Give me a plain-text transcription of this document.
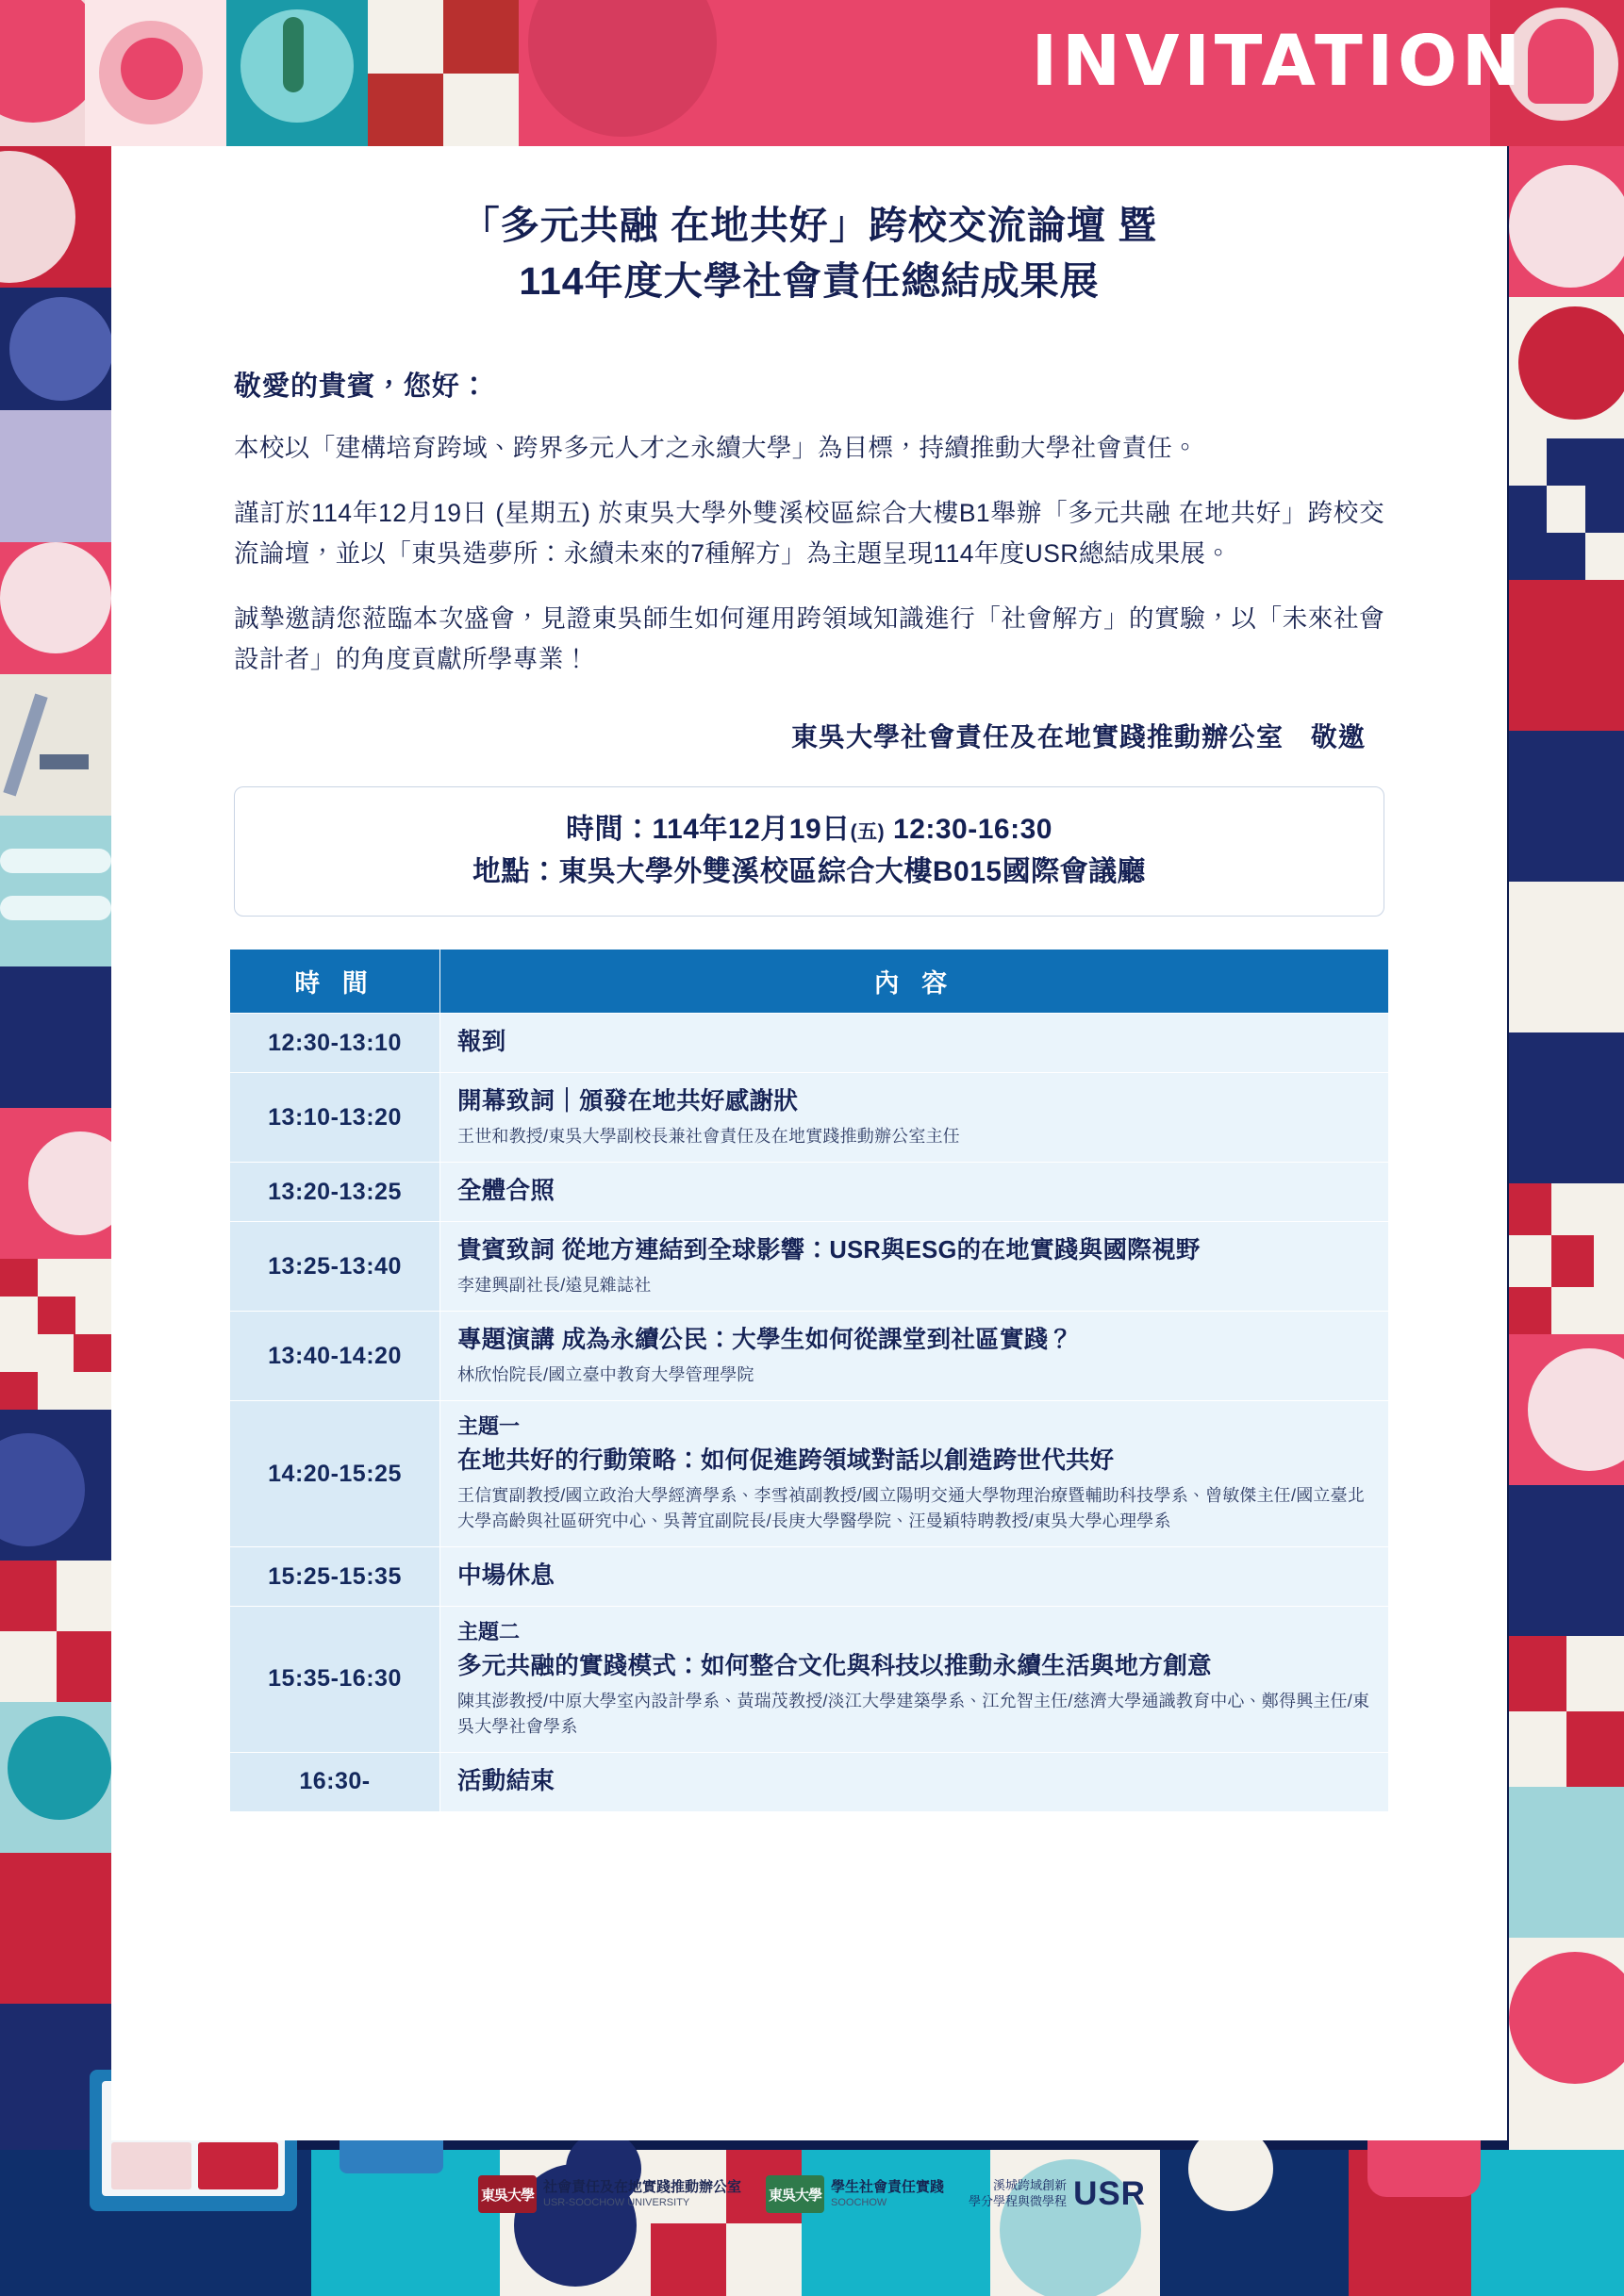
INVITATION
「多元共融 在地共好」跨校交流論壇 暨
114年度大學社會責任總結成果展
敬愛的貴賓，您好：
本校以「建構培育跨域、跨界多元人才之永續大學」為目標，持續推動大學社會責任。
謹訂於114年12月19日 (星期五) 於東吳大學外雙溪校區綜合大樓B1舉辦「多元共融 在地共好」跨校交流論壇，並以「東吳造夢所：永續未來的7種解方」為主題呈現114年度USR總結成果展。
誠摯邀請您蒞臨本次盛會，見證東吳師生如何運用跨領域知識進行「社會解方」的實驗，以「未來社會設計者」的角度貢獻所學專業！
東吳大學社會責任及在地實踐推動辦公室　敬邀
時間：114年12月19日(五) 12:30-16:30
地點：東吳大學外雙溪校區綜合大樓B015國際會議廳
時 間	內 容
12:30-13:10	報到

13:10-13:20	開幕致詞｜頒發在地共好感謝狀
王世和教授/東吳大學副校長兼社會責任及在地實踐推動辦公室主任

13:20-13:25	全體合照

13:25-13:40	貴賓致詞 從地方連結到全球影響：USR與ESG的在地實踐與國際視野
李建興副社長/遠見雜誌社

13:40-14:20	專題演講 成為永續公民：大學生如何從課堂到社區實踐？
林欣怡院長/國立臺中教育大學管理學院

14:20-15:25	主題一
在地共好的行動策略：如何促進跨領域對話以創造跨世代共好
王信實副教授/國立政治大學經濟學系、李雪禎副教授/國立陽明交通大學物理治療暨輔助科技學系、曾敏傑主任/國立臺北大學高齡與社區研究中心、吳菁宜副院長/長庚大學醫學院、汪曼穎特聘教授/東吳大學心理學系

15:25-15:35	中場休息

15:35-16:30	主題二
多元共融的實踐模式：如何整合文化與科技以推動永續生活與地方創意
陳其澎教授/中原大學室內設計學系、黃瑞茂教授/淡江大學建築學系、江允智主任/慈濟大學通識教育中心、鄭得興主任/東吳大學社會學系

16:30-	活動結束
東吳大學
社會責任及在地實踐推動辦公室
USR-SOOCHOW UNIVERSITY	東吳大學
學生社會責任實踐
SOOCHOW
溪城跨域創新
學分學程與微學程 USR
